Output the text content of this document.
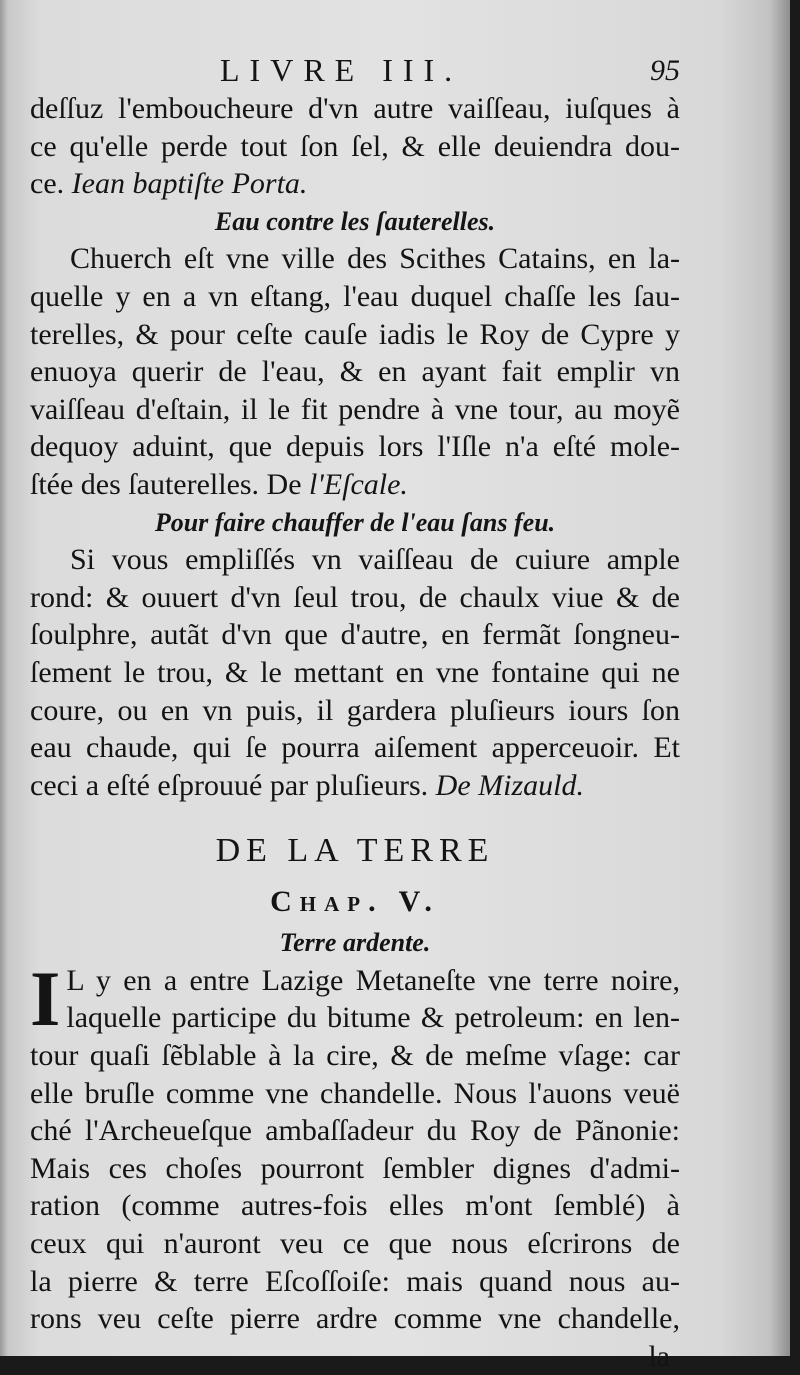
LIVRE III.	95

deſſuz l'embouchеure d'vn autre vaiſſeau, iuſques à

ce qu'elle perde tout ſon ſel, & elle deuiendra dou-

ce. Iean baptiſte Porta.

Eau contre les ſauterelles.

Chuerch eſt vne ville des Scithes Catains, en la-

quelle y en a vn eſtang, l'eau duquel chaſſe les ſau-

terelles, & pour ceſte cauſe iadis le Roy de Cypre y

enuoya querir de l'eau, & en ayant fait emplir vn

vaiſſeau d'eſtain, il le fit pendre à vne tour, au moyẽ

dequoy aduint, que depuis lors l'Iſle n'a eſté mole-

ſtée des ſauterelles. De l'Eſcale.

Pour faire chauffer de l'eau ſans feu.

Si vous empliſſés vn vaiſſeau de cuiure ample

rond: & ouuert d'vn ſeul trou, de chaulx viue & de

ſoulphre, autãt d'vn que d'autre, en fermãt ſongneu-

ſement le trou, & le mettant en vne fontaine qui ne

coure, ou en vn puis, il gardera pluſieurs iours ſon

eau chaude, qui ſe pourra aiſement apperceuoir. Et

ceci a eſté eſprouué par pluſieurs. De Mizauld.

DE LA TERRE

Chap. V.

Terre ardente.

I L y en a entre Lazige Metaneſte vne terre noire,

laquelle participe du bitume & petroleum: en len-

tour quaſi ſẽblable à la cire, & de meſme vſage: car

elle bruſle comme vne chandelle. Nous l'auons veuë

ché l'Archeueſque ambaſſadeur du Roy de Pãnonie:

Mais ces choſes pourront ſembler dignes d'admi-

ration (comme autres-fois elles m'ont ſemblé) à

ceux qui n'auront veu ce que nous eſcrirons de

la pierre & terre Eſcoſſoiſe: mais quand nous au-

rons veu ceſte pierre ardre comme vne chandelle,

la
